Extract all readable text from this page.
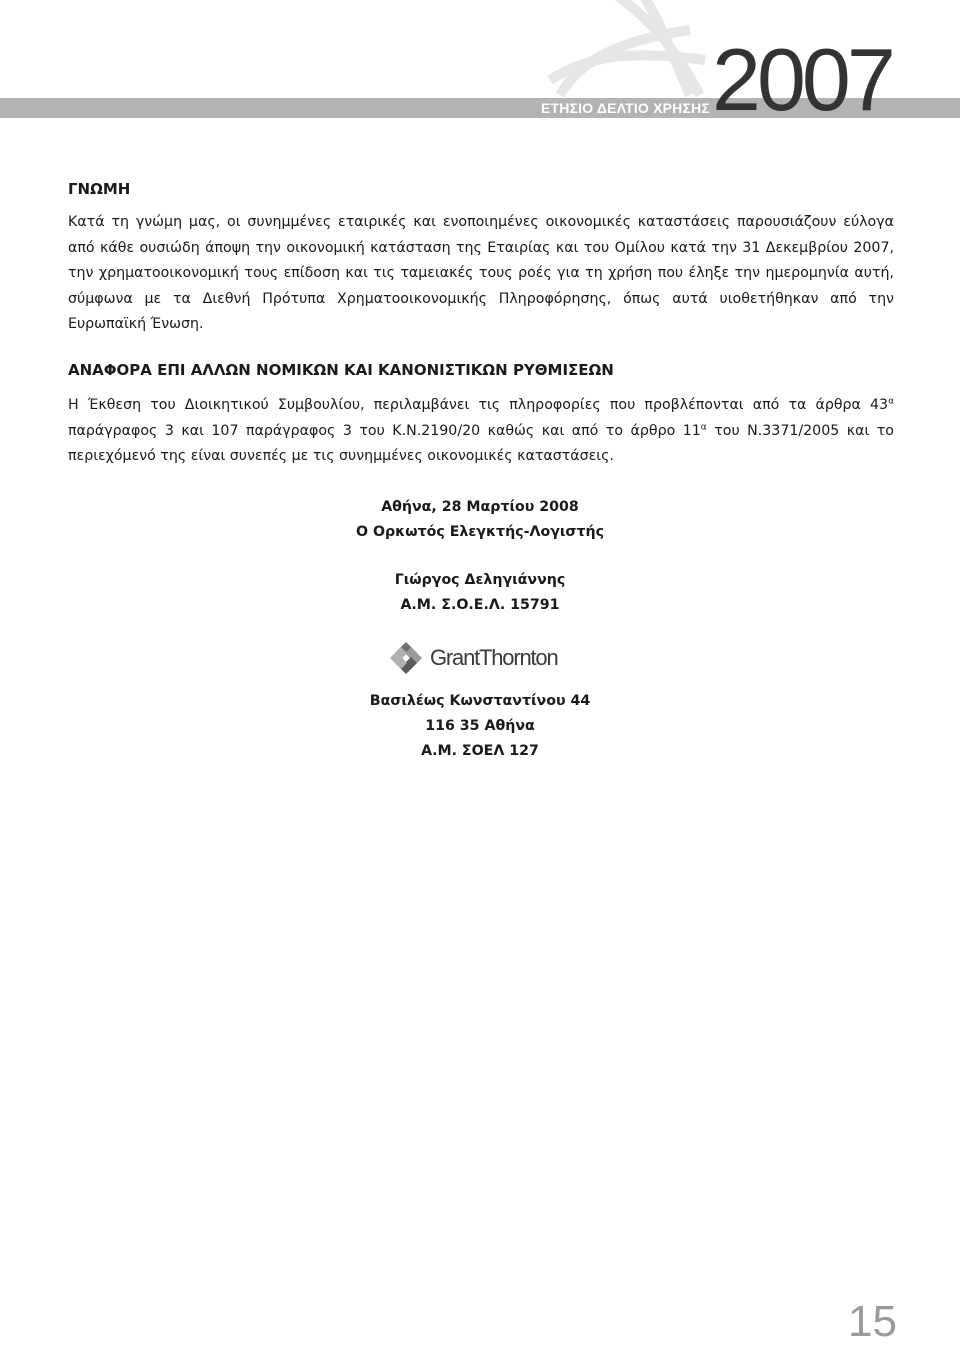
ΕΤΗΣΙΟ ΔΕΛΤΙΟ ΧΡΗΣΗΣ 2007
ΓΝΩΜΗ

Κατά τη γνώμη μας, οι συνημμένες εταιρικές και ενοποιημένες οικονομικές καταστάσεις παρουσιάζουν εύλογα από κάθε ουσιώδη άποψη την οικονομική κατάσταση της Εταιρίας και του Ομίλου κατά την 31 Δεκεμβρίου 2007, την χρηματοοικονομική τους επίδοση και τις ταμειακές τους ροές για τη χρήση που έληξε την ημερομηνία αυτή, σύμφωνα με τα Διεθνή Πρότυπα Χρηματοοικονομικής Πληροφόρησης, όπως αυτά υιοθετήθηκαν από την Ευρωπαϊκή Ένωση.

ΑΝΑΦΟΡΑ ΕΠΙ ΑΛΛΩΝ ΝΟΜΙΚΩΝ ΚΑΙ ΚΑΝΟΝΙΣΤΙΚΩΝ ΡΥΘΜΙΣΕΩΝ

Η Έκθεση του Διοικητικού Συμβουλίου, περιλαμβάνει τις πληροφορίες που προβλέπονται από τα άρθρα $43^\alpha$ παράγραφος 3 και 107 παράγραφος 3 του Κ.Ν.2190/20 καθώς και από το άρθρο $11^\alpha$ του Ν.3371/2005 και το περιεχόμενό της είναι συνεπές με τις συνημμένες οικονομικές καταστάσεις.

Αθήνα, 28 Μαρτίου 2008
Ο Ορκωτός Ελεγκτής-Λογιστής
Γιώργος Δεληγιάννης
Α.Μ. Σ.Ο.Ε.Λ. 15791
GrantThornton
Βασιλέως Κωνσταντίνου 44
116 35 Αθήνα
Α.Μ. ΣΟΕΛ 127
15
